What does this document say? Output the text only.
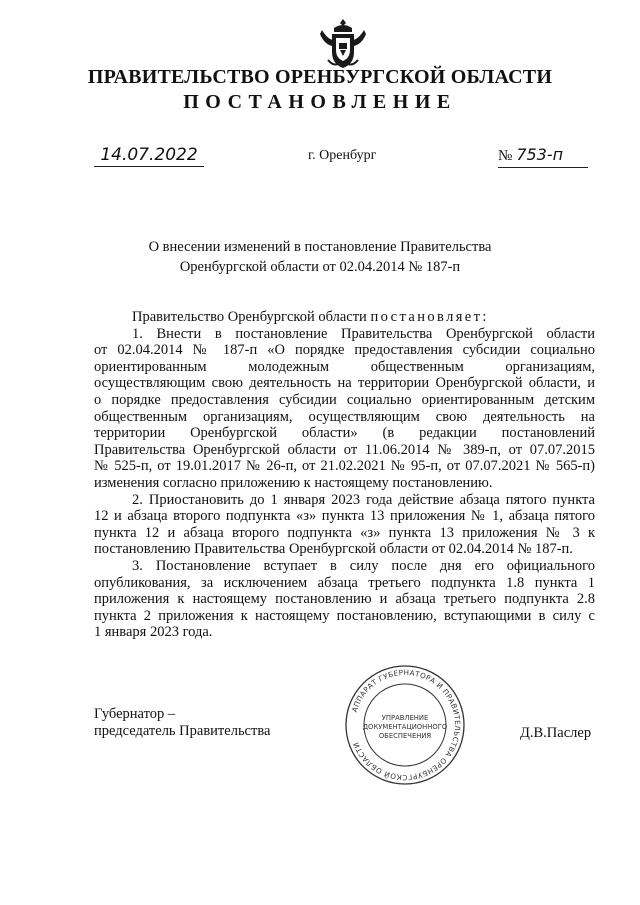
ПРАВИТЕЛЬСТВО ОРЕНБУРГСКОЙ ОБЛАСТИ
ПОСТАНОВЛЕНИЕ
14.07.2022	г. Оренбург	№ 753-п
О внесении изменений в постановление Правительства
Оренбургской области от 02.04.2014 № 187-п

Правительство Оренбургской области постановляет:

1. Внести в постановление Правительства Оренбургской области
от 02.04.2014 № 187-п «О порядке предоставления субсидии социально
ориентированным молодежным общественным организациям,
осуществляющим свою деятельность на территории Оренбургской области, и
о порядке предоставления субсидии социально ориентированным детским
общественным организациям, осуществляющим свою деятельность на
территории Оренбургской области» (в редакции постановлений
Правительства Оренбургской области от 11.06.2014 № 389-п, от 07.07.2015
№ 525-п, от 19.01.2017 № 26-п, от 21.02.2021 № 95-п, от 07.07.2021 № 565-п)
изменения согласно приложению к настоящему постановлению.
2. Приостановить до 1 января 2023 года действие абзаца пятого пункта
12 и абзаца второго подпункта «з» пункта 13 приложения № 1, абзаца пятого
пункта 12 и абзаца второго подпункта «з» пункта 13 приложения № 3 к
постановлению Правительства Оренбургской области от 02.04.2014 № 187-п.
3. Постановление вступает в силу после дня его официального
опубликования, за исключением абзаца третьего подпункта 1.8 пункта 1
приложения к настоящему постановлению и абзаца третьего подпункта 2.8
пункта 2 приложения к настоящему постановлению, вступающими в силу с
1 января 2023 года.
Губернатор –
председатель Правительства	Д.В.Паслер
АППАРАТ ГУБЕРНАТОРА И ПРАВИТЕЛЬСТВА ОРЕНБУРГСКОЙ ОБЛАСТИ
УПРАВЛЕНИЕ
ДОКУМЕНТАЦИОННОГО
ОБЕСПЕЧЕНИЯ
